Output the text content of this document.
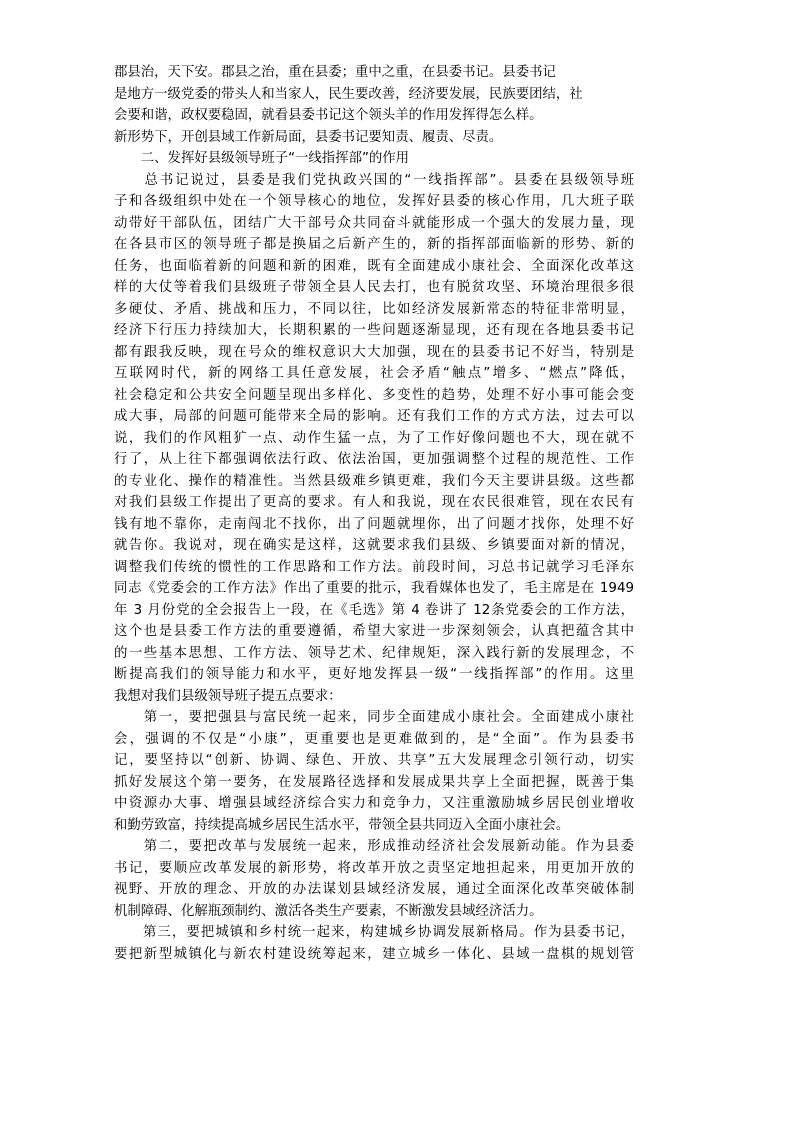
郡县治，天下安。郡县之治，重在县委；重中之重，在县委书记。县委书记
是地方一级党委的带头人和当家人，民生要改善，经济要发展，民族要团结，社
会要和谐，政权要稳固，就看县委书记这个领头羊的作用发挥得怎么样。
新形势下，开创县域工作新局面，县委书记要知责、履责、尽责。
　　二、发挥好县级领导班子“一线指挥部”的作用
　　总书记说过，县委是我们党执政兴国的“一线指挥部”。县委在县级领导班
子和各级组织中处在一个领导核心的地位，发挥好县委的核心作用，几大班子联
动带好干部队伍，团结广大干部号众共同奋斗就能形成一个强大的发展力量，现
在各县市区的领导班子都是换届之后新产生的，新的指挥部面临新的形势、新的
任务，也面临着新的问题和新的困难，既有全面建成小康社会、全面深化改革这
样的大仗等着我们县级班子带领全县人民去打，也有脱贫攻坚、环境治理很多很
多硬仗、矛盾、挑战和压力，不同以往，比如经济发展新常态的特征非常明显，
经济下行压力持续加大，长期积累的一些问题逐渐显现，还有现在各地县委书记
都有跟我反映，现在号众的维权意识大大加强，现在的县委书记不好当，特别是
互联网时代，新的网络工具任意发展，社会矛盾“触点”增多、“燃点”降低，
社会稳定和公共安全问题呈现出多样化、多变性的趋势，处理不好小事可能会变
成大事，局部的问题可能带来全局的影响。还有我们工作的方式方法，过去可以
说，我们的作风粗犷一点、动作生猛一点，为了工作好像问题也不大，现在就不
行了，从上往下都强调依法行政、依法治国，更加强调整个过程的规范性、工作
的专业化、操作的精准性。当然县级难乡镇更难，我们今天主要讲县级。这些都
对我们县级工作提出了更高的要求。有人和我说，现在农民很难管，现在农民有
钱有地不靠你，走南闯北不找你，出了问题就埋你，出了问题才找你，处理不好
就告你。我说对，现在确实是这样，这就要求我们县级、乡镇要面对新的情况，
调整我们传统的惯性的工作思路和工作方法。前段时间，习总书记就学习毛泽东
同志《党委会的工作方法》作出了重要的批示，我看媒体也发了，毛主席是在 1949
年 3 月份党的全会报告上一段，在《毛选》第 4 卷讲了 12条党委会的工作方法，
这个也是县委工作方法的重要遵循，希望大家进一步深刻领会，认真把蕴含其中
的一些基本思想、工作方法、领导艺术、纪律规矩，深入践行新的发展理念，不
断提高我们的领导能力和水平，更好地发挥县一级“一线指挥部”的作用。这里
我想对我们县级领导班子提五点要求：
　　第一，要把强县与富民统一起来，同步全面建成小康社会。全面建成小康社
会，强调的不仅是“小康”，更重要也是更难做到的，是“全面”。作为县委书
记，要坚持以“创新、协调、绿色、开放、共享”五大发展理念引领行动，切实
抓好发展这个第一要务，在发展路径选择和发展成果共享上全面把握，既善于集
中资源办大事、增强县域经济综合实力和竞争力，又注重激励城乡居民创业增收
和勤劳致富，持续提高城乡居民生活水平，带领全县共同迈入全面小康社会。
　　第二，要把改革与发展统一起来，形成推动经济社会发展新动能。作为县委
书记，要顺应改革发展的新形势，将改革开放之责坚定地担起来，用更加开放的
视野、开放的理念、开放的办法谋划县域经济发展，通过全面深化改革突破体制
机制障碍、化解瓶颈制约、激活各类生产要素，不断激发县域经济活力。
　　第三，要把城镇和乡村统一起来，构建城乡协调发展新格局。作为县委书记，
要把新型城镇化与新农村建设统筹起来，建立城乡一体化、县域一盘棋的规划管
